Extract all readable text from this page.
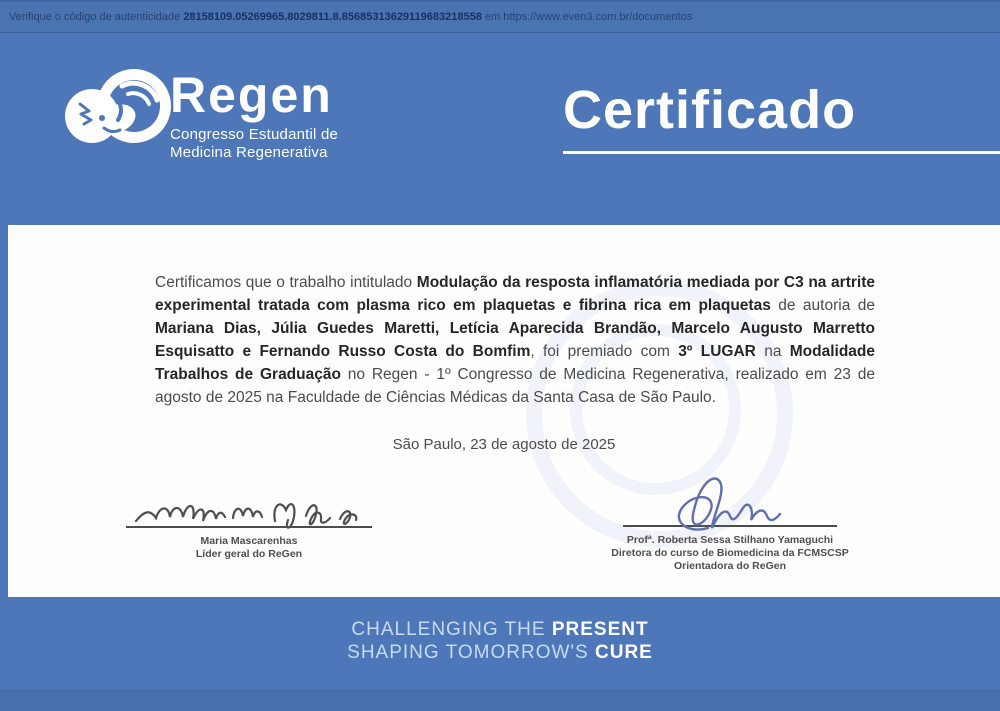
Verifique o código de autenticidade 28158109.05269965.8029811.8.85685313629119683218558 em https://www.even3.com.br/documentos
Regen
Congresso Estudantil de
Medicina Regenerativa
Certificado
Certificamos que o trabalho intitulado Modulação da resposta inflamatória mediada por C3 na artrite experimental tratada com plasma rico em plaquetas e fibrina rica em plaquetas de autoria de Mariana Dias, Júlia Guedes Maretti, Letícia Aparecida Brandão, Marcelo Augusto Marretto Esquisatto e Fernando Russo Costa do Bomfim, foi premiado com 3º LUGAR na Modalidade Trabalhos de Graduação no Regen - 1º Congresso de Medicina Regenerativa, realizado em 23 de agosto de 2025 na Faculdade de Ciências Médicas da Santa Casa de São Paulo.
São Paulo, 23 de agosto de 2025
Maria Mascarenhas
Líder geral do ReGen
Profª. Roberta Sessa Stilhano Yamaguchi
Diretora do curso de Biomedicina da FCMSCSP
Orientadora do ReGen
CHALLENGING THE PRESENT
SHAPING TOMORROW'S CURE
